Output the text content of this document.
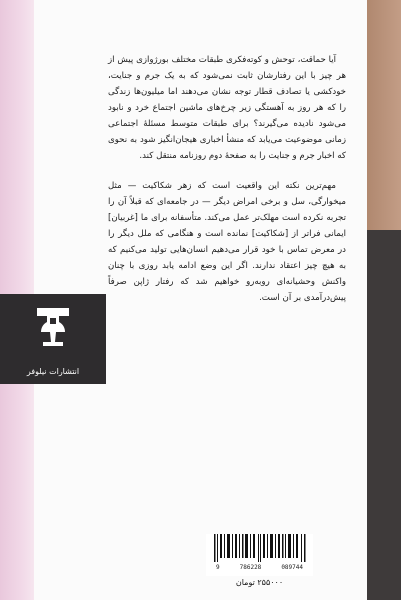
آیا حماقت، توحش و کوته‌فکری طبقات مختلف بورژوازی پیش از هر چیز با این رفتارشان ثابت نمی‌شود که به یک جرم و جنایت، خودکشی یا تصادف قطار توجه نشان می‌دهند اما میلیون‌ها زندگی را که هر روز به آهستگی زیر چرخ‌های ماشین اجتماع خرد و نابود می‌شود نادیده می‌گیرند؟ برای طبقات متوسط مسئلهٔ اجتماعی زمانی موضوعیت می‌یابد که منشأ اخباری هیجان‌انگیز شود به نحوی که اخبار جرم و جنایت را به صفحهٔ دوم روزنامه منتقل کند.

مهم‌ترین نکته این واقعیت است که زهر شکاکیت — مثل میخوارگی، سل و برخی امراض دیگر — در جامعه‌ای که قبلاً آن را تجربه نکرده است مهلک‌تر عمل می‌کند. متأسفانه برای ما [غربیان] ایمانی فراتر از [شکاکیت] نمانده است و هنگامی که ملل دیگر را در معرض تماس با خود قرار می‌دهیم انسان‌هایی تولید می‌کنیم که به هیچ چیز اعتقاد ندارند. اگر این وضع ادامه یابد روزی با چنان واکنش وحشیانه‌ای روبه‌رو خواهیم شد که رفتار ژاپن صرفاً پیش‌درآمدی بر آن است.

انتشارات نیلوفر
9	786228	089744
۲۵۵۰۰۰ تومان
